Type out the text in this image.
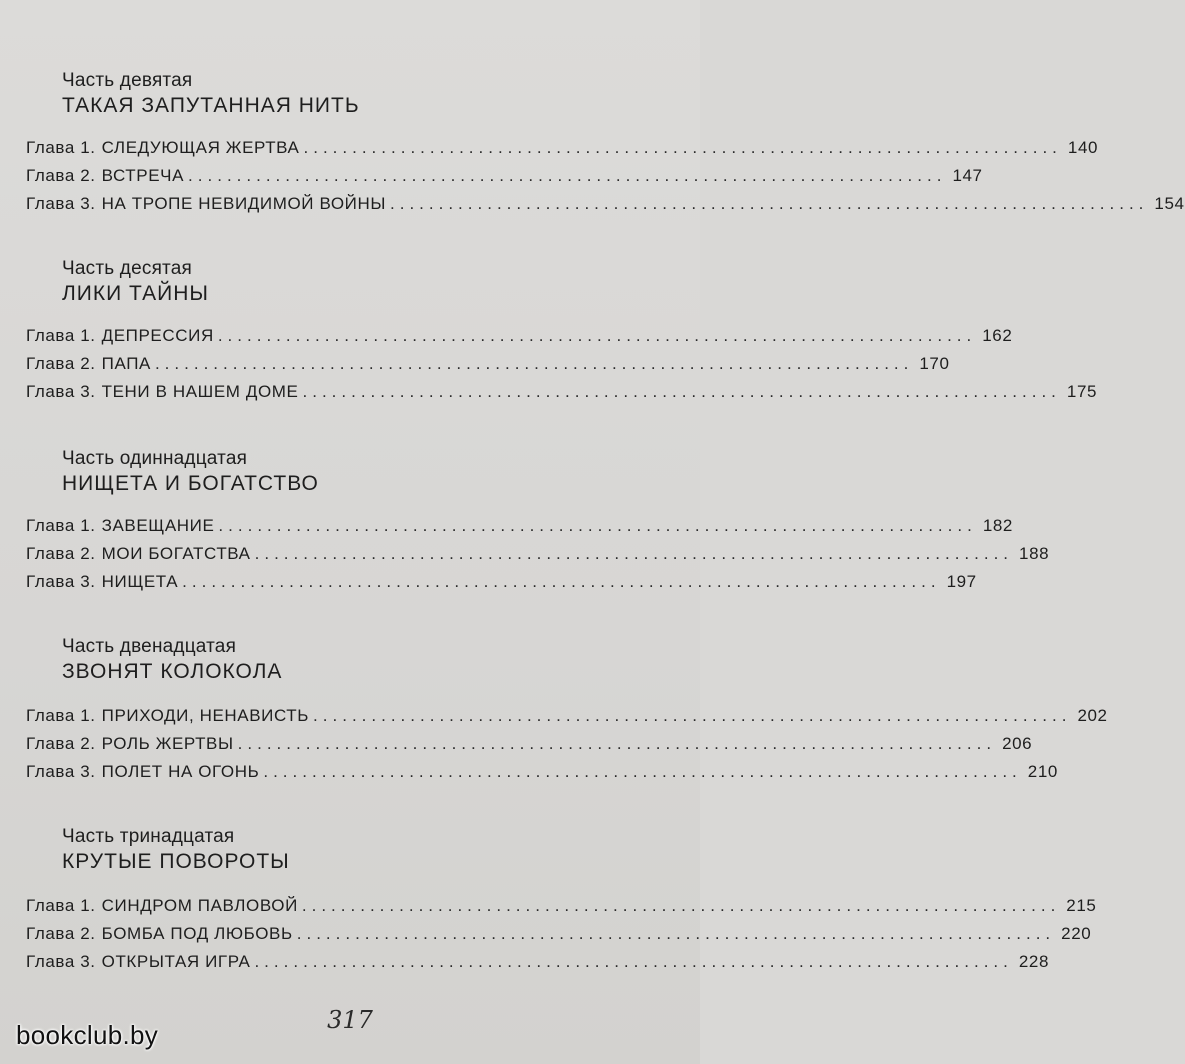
Часть девятая
ТАКАЯ ЗАПУТАННАЯ НИТЬ
Глава 1. СЛЕДУЮЩАЯ ЖЕРТВА .............................................................................. 140
Глава 2. ВСТРЕЧА .............................................................................. 147
Глава 3. НА ТРОПЕ НЕВИДИМОЙ ВОЙНЫ .............................................................................. 154
Часть десятая
ЛИКИ ТАЙНЫ
Глава 1. ДЕПРЕССИЯ .............................................................................. 162
Глава 2. ПАПА .............................................................................. 170
Глава 3. ТЕНИ В НАШЕМ ДОМЕ .............................................................................. 175
Часть одиннадцатая
НИЩЕТА И БОГАТСТВО
Глава 1. ЗАВЕЩАНИЕ .............................................................................. 182
Глава 2. МОИ БОГАТСТВА .............................................................................. 188
Глава 3. НИЩЕТА .............................................................................. 197
Часть двенадцатая
ЗВОНЯТ КОЛОКОЛА
Глава 1. ПРИХОДИ, НЕНАВИСТЬ .............................................................................. 202
Глава 2. РОЛЬ ЖЕРТВЫ .............................................................................. 206
Глава 3. ПОЛЕТ НА ОГОНЬ .............................................................................. 210
Часть тринадцатая
КРУТЫЕ ПОВОРОТЫ
Глава 1. СИНДРОМ ПАВЛОВОЙ .............................................................................. 215
Глава 2. БОМБА ПОД ЛЮБОВЬ .............................................................................. 220
Глава 3. ОТКРЫТАЯ ИГРА .............................................................................. 228
317
bookclub.by
